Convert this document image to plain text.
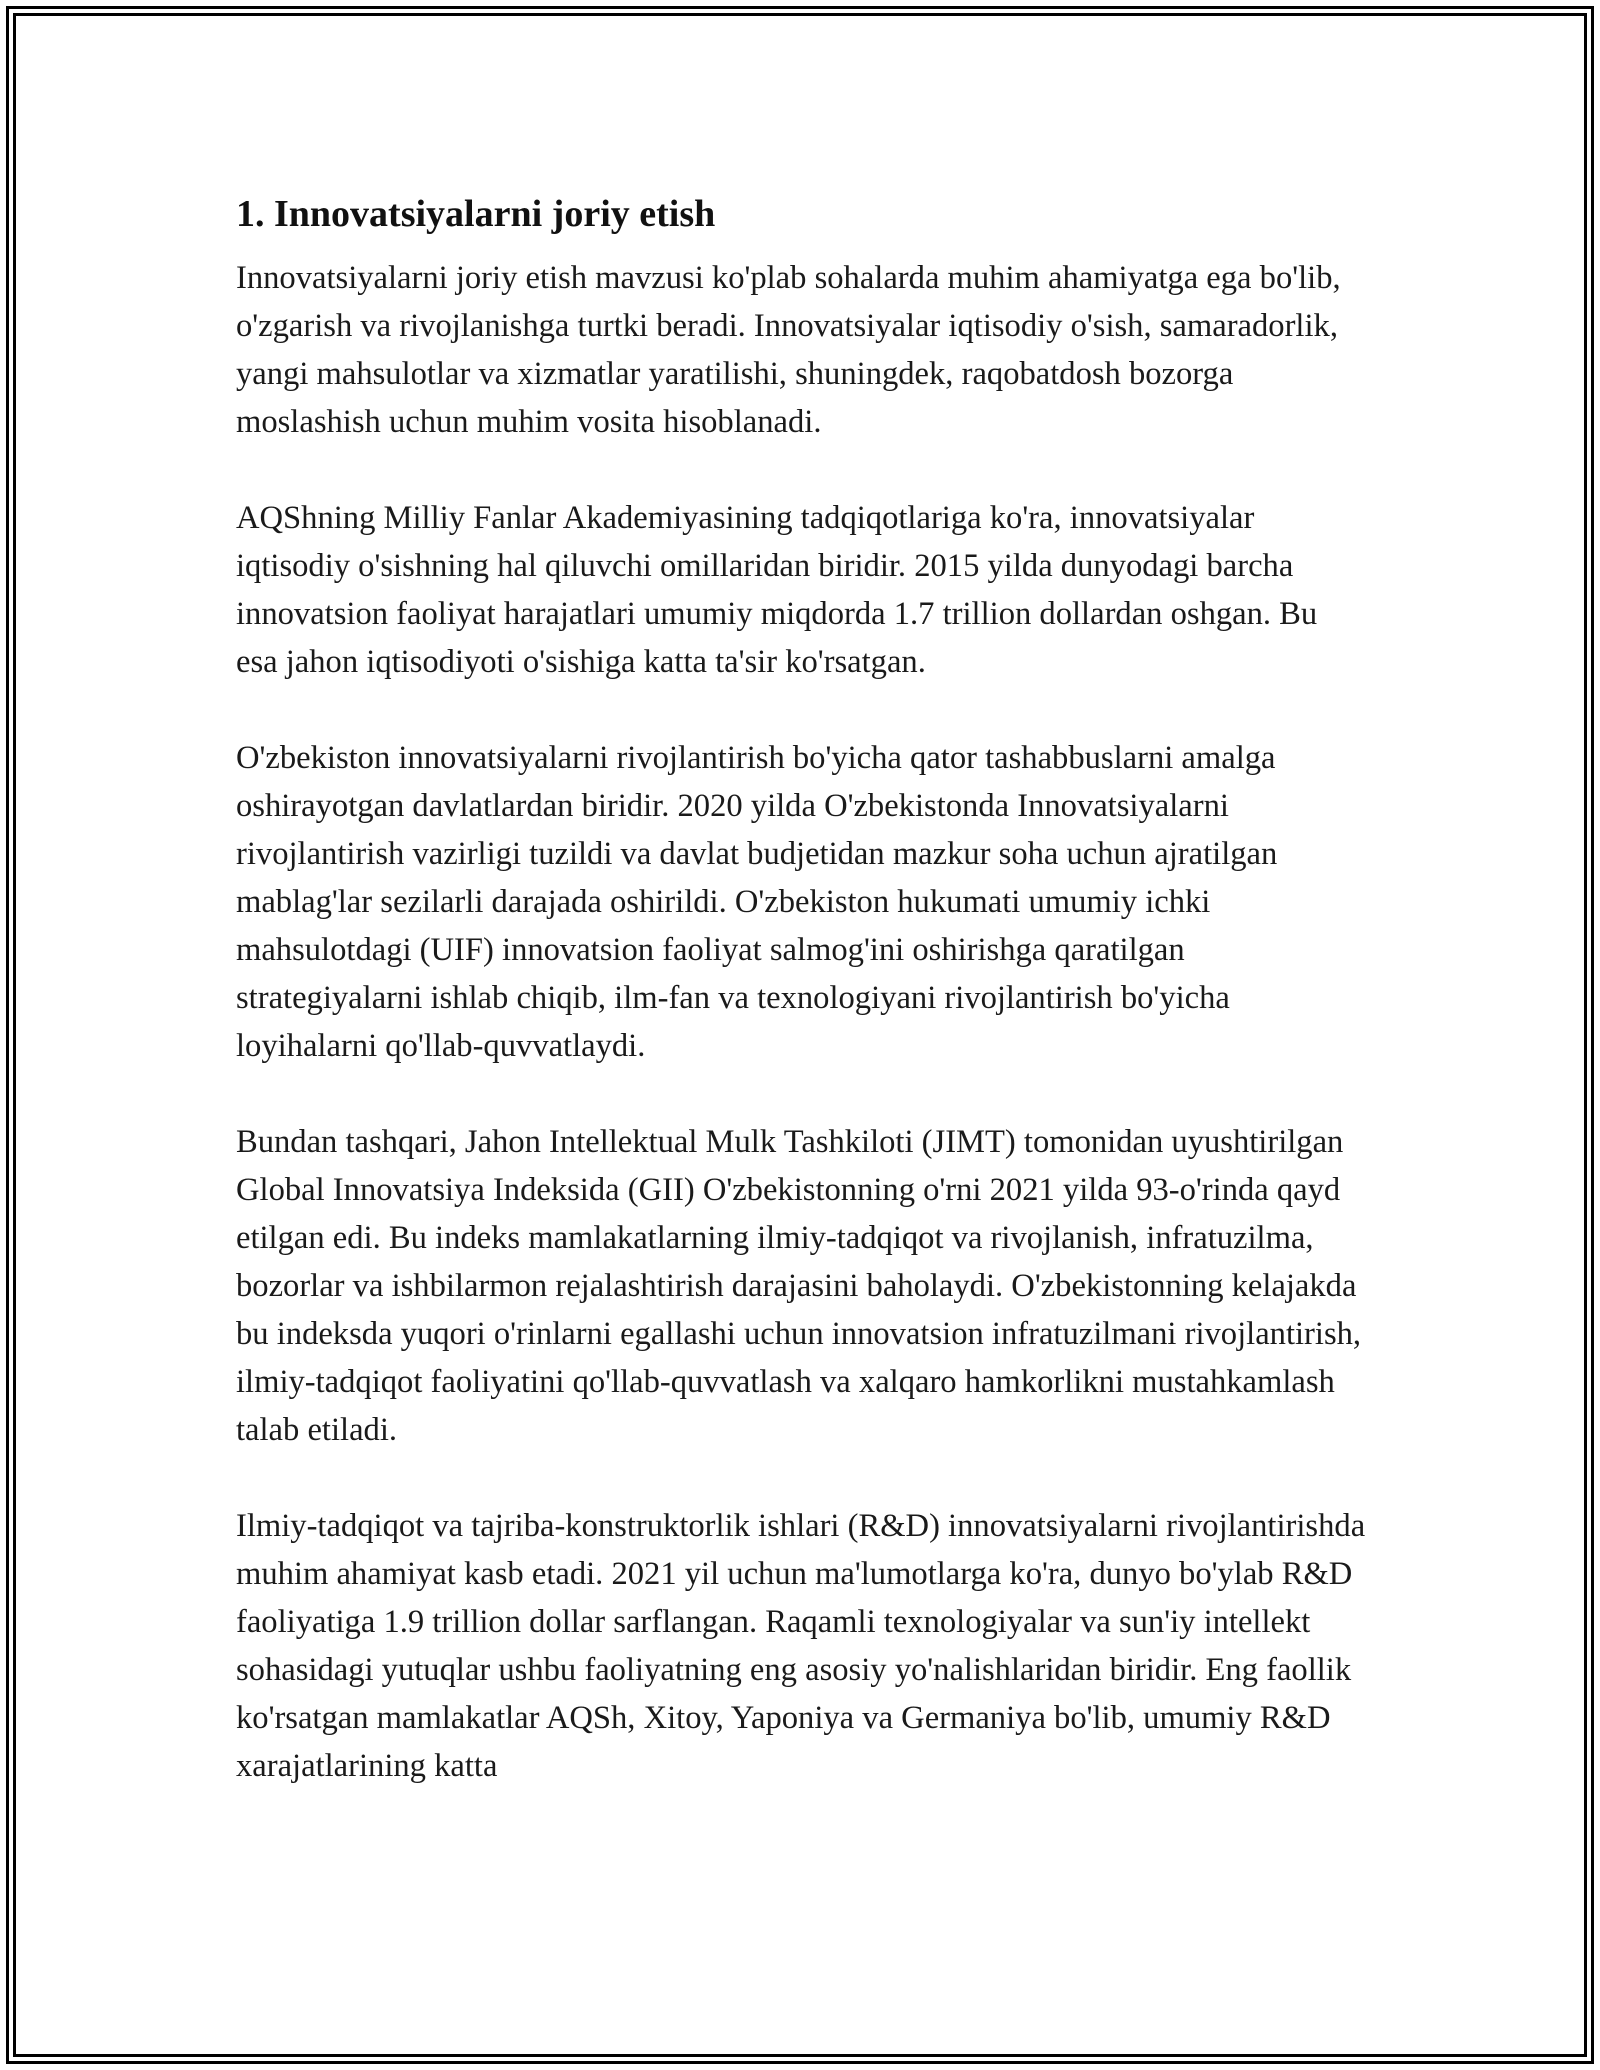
1. Innovatsiyalarni joriy etish

Innovatsiyalarni joriy etish mavzusi ko'plab sohalarda muhim ahamiyatga ega bo'lib, o'zgarish va rivojlanishga turtki beradi. Innovatsiyalar iqtisodiy o'sish, samaradorlik, yangi mahsulotlar va xizmatlar yaratilishi, shuningdek, raqobatdosh bozorga moslashish uchun muhim vosita hisoblanadi.

AQShning Milliy Fanlar Akademiyasining tadqiqotlariga ko'ra, innovatsiyalar iqtisodiy o'sishning hal qiluvchi omillaridan biridir. 2015 yilda dunyodagi barcha innovatsion faoliyat harajatlari umumiy miqdorda 1.7 trillion dollardan oshgan. Bu esa jahon iqtisodiyoti o'sishiga katta ta'sir ko'rsatgan.

O'zbekiston innovatsiyalarni rivojlantirish bo'yicha qator tashabbuslarni amalga oshirayotgan davlatlardan biridir. 2020 yilda O'zbekistonda Innovatsiyalarni rivojlantirish vazirligi tuzildi va davlat budjetidan mazkur soha uchun ajratilgan mablag'lar sezilarli darajada oshirildi. O'zbekiston hukumati umumiy ichki mahsulotdagi (UIF) innovatsion faoliyat salmog'ini oshirishga qaratilgan strategiyalarni ishlab chiqib, ilm-fan va texnologiyani rivojlantirish bo'yicha loyihalarni qo'llab-quvvatlaydi.

Bundan tashqari, Jahon Intellektual Mulk Tashkiloti (JIMT) tomonidan uyushtirilgan Global Innovatsiya Indeksida (GII) O'zbekistonning o'rni 2021 yilda 93-o'rinda qayd etilgan edi. Bu indeks mamlakatlarning ilmiy-tadqiqot va rivojlanish, infratuzilma, bozorlar va ishbilarmon rejalashtirish darajasini baholaydi. O'zbekistonning kelajakda bu indeksda yuqori o'rinlarni egallashi uchun innovatsion infratuzilmani rivojlantirish, ilmiy-tadqiqot faoliyatini qo'llab-quvvatlash va xalqaro hamkorlikni mustahkamlash talab etiladi.

Ilmiy-tadqiqot va tajriba-konstruktorlik ishlari (R&D) innovatsiyalarni rivojlantirishda muhim ahamiyat kasb etadi. 2021 yil uchun ma'lumotlarga ko'ra, dunyo bo'ylab R&D faoliyatiga 1.9 trillion dollar sarflangan. Raqamli texnologiyalar va sun'iy intellekt sohasidagi yutuqlar ushbu faoliyatning eng asosiy yo'nalishlaridan biridir. Eng faollik ko'rsatgan mamlakatlar AQSh, Xitoy, Yaponiya va Germaniya bo'lib, umumiy R&D xarajatlarining katta
